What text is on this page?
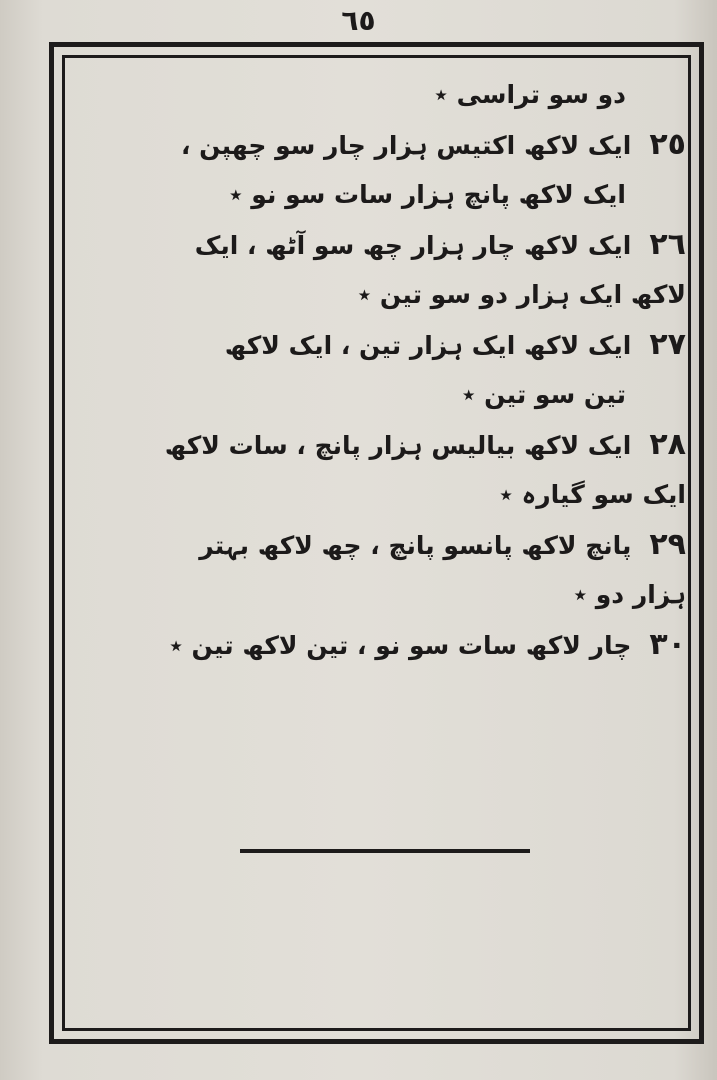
٦٥
دو سو تراسی ٭
٢٥ایک لاکھ اکتیس ہزار چار سو چھپن ،
ایک لاکھ پانچ ہزار سات سو نو ٭
٢٦ایک لاکھ چار ہزار چھ سو آٹھ ، ایک
لاکھ ایک ہزار دو سو تین ٭
٢٧ایک لاکھ ایک ہزار تین ، ایک لاکھ
تین سو تین ٭
٢٨ایک لاکھ بیالیس ہزار پانچ ، سات لاکھ
ایک سو گیارہ ٭
٢٩پانچ لاکھ پانسو پانچ ، چھ لاکھ بہتر
ہزار دو ٭
٣٠چار لاکھ سات سو نو ، تین لاکھ تین ٭
